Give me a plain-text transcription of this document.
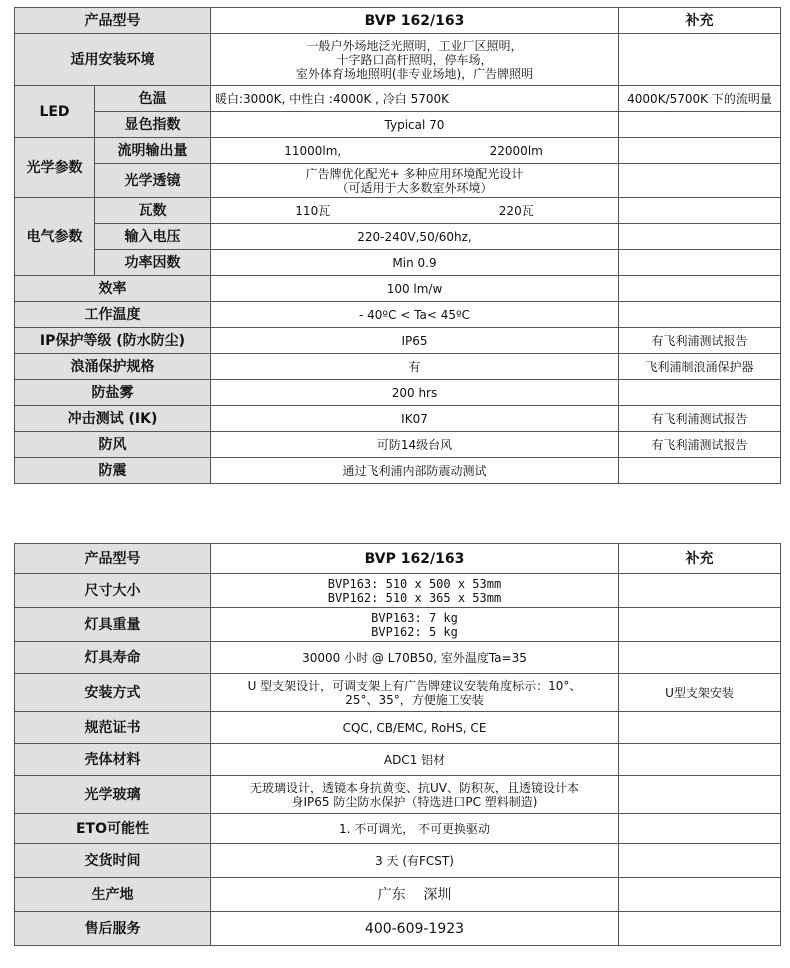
产品型号		BVP 162/163	补充
适用安装环境		一般户外场地泛光照明，工业厂区照明，
十字路口高杆照明，停车场，
室外体育场地照明(非专业场地)，广告牌照明	

LED	色温	暖白:3000K, 中性白 :4000K , 冷白 5700K	4000K/5700K 下的流明量
	显色指数	Typical 70	
光学参数	流明输出量	11000lm, 22000lm	

	光学透镜	广告牌优化配光+ 多种应用环境配光设计
（可适用于大多数室外环境）	

电气参数	瓦数	110瓦 220瓦	

	输入电压	220-240V,50/60hz,	
	功率因数	Min 0.9	
效率		100 lm/w	
工作温度		- 40ºC < Ta< 45ºC	
IP保护等级 (防水防尘)		IP65	有飞利浦测试报告
浪涌保护规格		有	飞利浦制浪涌保护器
防盐雾		200 hrs	
冲击测试 (IK)		IK07	有飞利浦测试报告
防风		可防14级台风	有飞利浦测试报告
防震		通过飞利浦内部防震动测试	
产品型号	BVP 162/163	补充
尺寸大小	BVP163: 510 x 500 x 53mm
BVP162: 510 x 365 x 53mm	

灯具重量	BVP163: 7 kg
BVP162: 5 kg	

灯具寿命	30000 小时 @ L70B50, 室外温度Ta=35	

安装方式	U 型支架设计，可调支架上有广告牌建议安装角度标示：10°、
25°、35°，方便施工安装	U型支架安装
规范证书	CQC, CB/EMC, RoHS, CE	

壳体材料	ADC1 铝材	

光学玻璃	无玻璃设计，透镜本身抗黄变、抗UV、防积灰，且透镜设计本
身IP65 防尘防水保护（特选进口PC 塑料制造)	

ETO可能性	1. 不可调光， 不可更换驱动	

交货时间	3 天 (有FCST)	

生产地	广东    深圳	

售后服务	400-609-1923	
